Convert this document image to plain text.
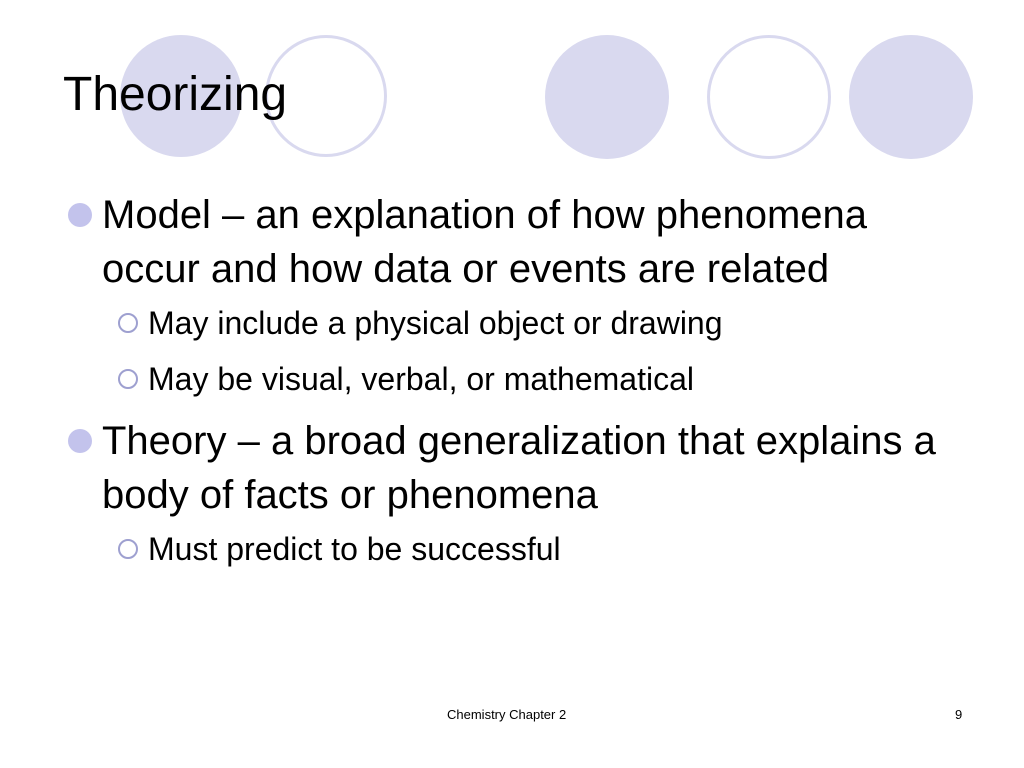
Theorizing
Model – an explanation of how phenomena occur and how data or events are related
May include a physical object or drawing
May be visual, verbal, or mathematical
Theory – a broad generalization that explains a body of facts or phenomena
Must predict to be successful
Chemistry Chapter 2	9
